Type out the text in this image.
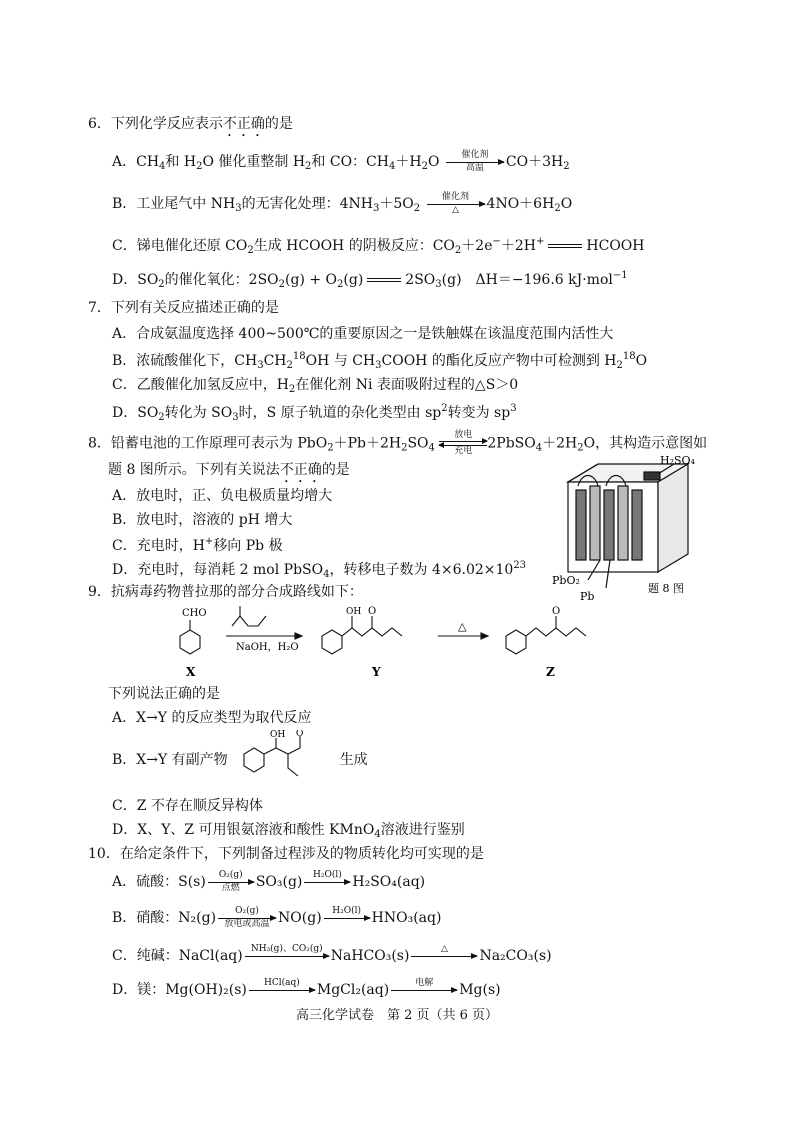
6．下列化学反应表示不正确的是
A．$CH_4$和 $H_2O$ 催化重整制 $H_2$和 CO：$CH_4+H_2O$	催化剂
高温	$CO+3H_2$
B．工业尾气中 $NH_3$的无害化处理：$4NH_3+5O_2$
催化剂
△	$4NO+6H_2O$
C．锑电催化还原 $CO_2$生成 HCOOH 的阴极反应：$CO_2+2e^-+2H^+$	HCOOH
D．$SO_2$的催化氧化：$2SO_2(g) + O_2(g)$	$2SO_3(g)$　ΔH＝−196.6 kJ·mol$^{-1}$
7．下列有关反应描述正确的是
A．合成氨温度选择 400~500℃的重要原因之一是铁触媒在该温度范围内活性大
B．浓硫酸催化下，$CH_3CH_2^{18}OH$ 与 $CH_3COOH$ 的酯化反应产物中可检测到 $H_2^{18}O$
C．乙酸催化加氢反应中，$H_2$在催化剂 Ni 表面吸附过程的△S＞0
D．$SO_2$转化为 $SO_3$时，S 原子轨道的杂化类型由 $sp^2$转变为 $sp^3$
8．铅蓄电池的工作原理可表示为 $PbO_2+Pb+2H_2SO_4$
放电
充电	$2PbSO_4+2H_2O$，其构造示意图如
题 8 图所示。下列有关说法不正确的是
A．放电时，正、负电极质量均增大
B．放电时，溶液的 pH 增大
C．充电时，H+移向 Pb 极
D．充电时，每消耗 2 mol PbSO$_4$，转移电子数为 $4\times 6.02\times 10^{23}$
H₂SO₄
PbO₂
Pb
题 8 图
9．抗病毒药物普拉那的部分合成路线如下：
CHO
NaOH，H₂O
OH O
△
O
X	Y	Z
下列说法正确的是
A．X→Y 的反应类型为取代反应
B．X→Y 有副产物	生成
OH O
C．Z 不存在顺反异构体
D．X、Y、Z 可用银氨溶液和酸性 KMnO$_4$溶液进行鉴别
10．在给定条件下，下列制备过程涉及的物质转化均可实现的是
A．硫酸：S(s)	O₂(g)
点燃	SO₃(g)	H₂O(l)
H₂SO₄(aq)
B．硝酸：N₂(g)	O₂(g)
放电或高温 NO(g)	H₂O(l)
HNO₃(aq)
C．纯碱：NaCl(aq) NH₃(g)、CO₂(g)
NaHCO₃(s)	△
	Na₂CO₃(s)
D．镁：Mg(OH)₂(s)	HCl(aq)
	MgCl₂(aq)	电解
	Mg(s)
高三化学试卷　第 2 页（共 6 页）
